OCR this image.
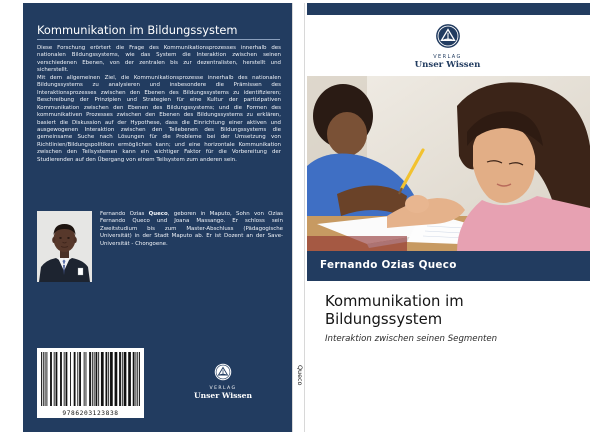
Kommunikation im Bildungssystem

Diese Forschung erörtert die Frage des Kommunikationsprozesses innerhalb des nationalen Bildungssystems, wie das System die Interaktion zwischen seinen verschiedenen Ebenen, von der zentralen bis zur dezentralisten, herstellt und sicherstellt.

Mit dem allgemeinen Ziel, die Kommunikationsprozesse innerhalb des nationalen Bildungssystems zu analysieren und insbesondere die Prämissen des Interaktionsprozesses zwischen den Ebenen des Bildungssystems zu identifizieren; Beschreibung der Prinzipien und Strategien für eine Kultur der partizipativen Kommunikation zwischen den Ebenen des Bildungssystems; und die Formen des kommunikativen Prozesses zwischen den Ebenen des Bildungssystems zu erklären, basiert die Diskussion auf der Hypothese, dass die Einrichtung einer aktiven und ausgewogenen Interaktion zwischen den Teilebenen des Bildungssystems die gemeinsame Suche nach Lösungen für die Probleme bei der Umsetzung von Richtlinien/Bildungspolitiken ermöglichen kann; und eine horizontale Kommunikation zwischen den Teilsystemen kann ein wichtiger Faktor für die Vorbereitung der Studierenden auf den Übergang von einem Teilsystem zum anderen sein.

Fernando Ozias Queco, geboren in Maputo, Sohn von Ozias Fernando Queco und Joana Massango. Er schloss sein Zweitstudium bis zum Master-Abschluss (Pädagogische Universität) in der Stadt Maputo ab. Er ist Dozent an der Save-Universität - Chongoene.
9786203123838
VERLAG
Unser Wissen
Queco
VERLAG
Unser Wissen
Fernando Ozias Queco
Kommunikation im Bildungssystem
Interaktion zwischen seinen Segmenten
